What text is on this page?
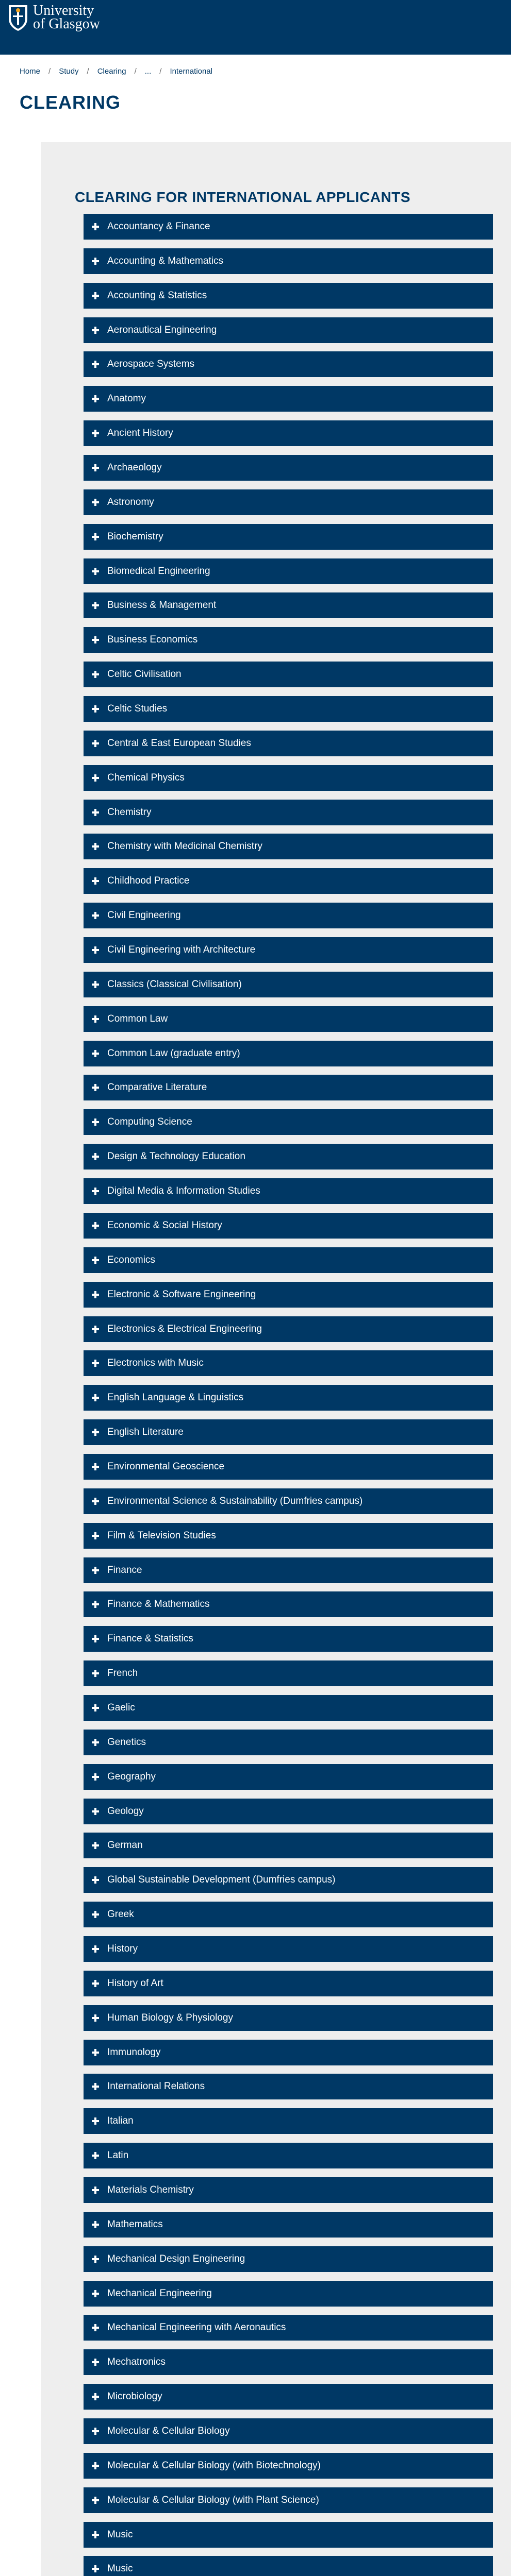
University
of Glasgow
Home / Study / Clearing / ... / International
CLEARING
CLEARING FOR INTERNATIONAL APPLICANTS
Accountancy & Finance
Accounting & Mathematics
Accounting & Statistics
Aeronautical Engineering
Aerospace Systems
Anatomy
Ancient History
Archaeology
Astronomy
Biochemistry
Biomedical Engineering
Business & Management
Business Economics
Celtic Civilisation
Celtic Studies
Central & East European Studies
Chemical Physics
Chemistry
Chemistry with Medicinal Chemistry
Childhood Practice
Civil Engineering
Civil Engineering with Architecture
Classics (Classical Civilisation)
Common Law
Common Law (graduate entry)
Comparative Literature
Computing Science
Design & Technology Education
Digital Media & Information Studies
Economic & Social History
Economics
Electronic & Software Engineering
Electronics & Electrical Engineering
Electronics with Music
English Language & Linguistics
English Literature
Environmental Geoscience
Environmental Science & Sustainability (Dumfries campus)
Film & Television Studies
Finance
Finance & Mathematics
Finance & Statistics
French
Gaelic
Genetics
Geography
Geology
German
Global Sustainable Development (Dumfries campus)
Greek
History
History of Art
Human Biology & Physiology
Immunology
International Relations
Italian
Latin
Materials Chemistry
Mathematics
Mechanical Design Engineering
Mechanical Engineering
Mechanical Engineering with Aeronautics
Mechatronics
Microbiology
Molecular & Cellular Biology
Molecular & Cellular Biology (with Biotechnology)
Molecular & Cellular Biology (with Plant Science)
Music
Music
